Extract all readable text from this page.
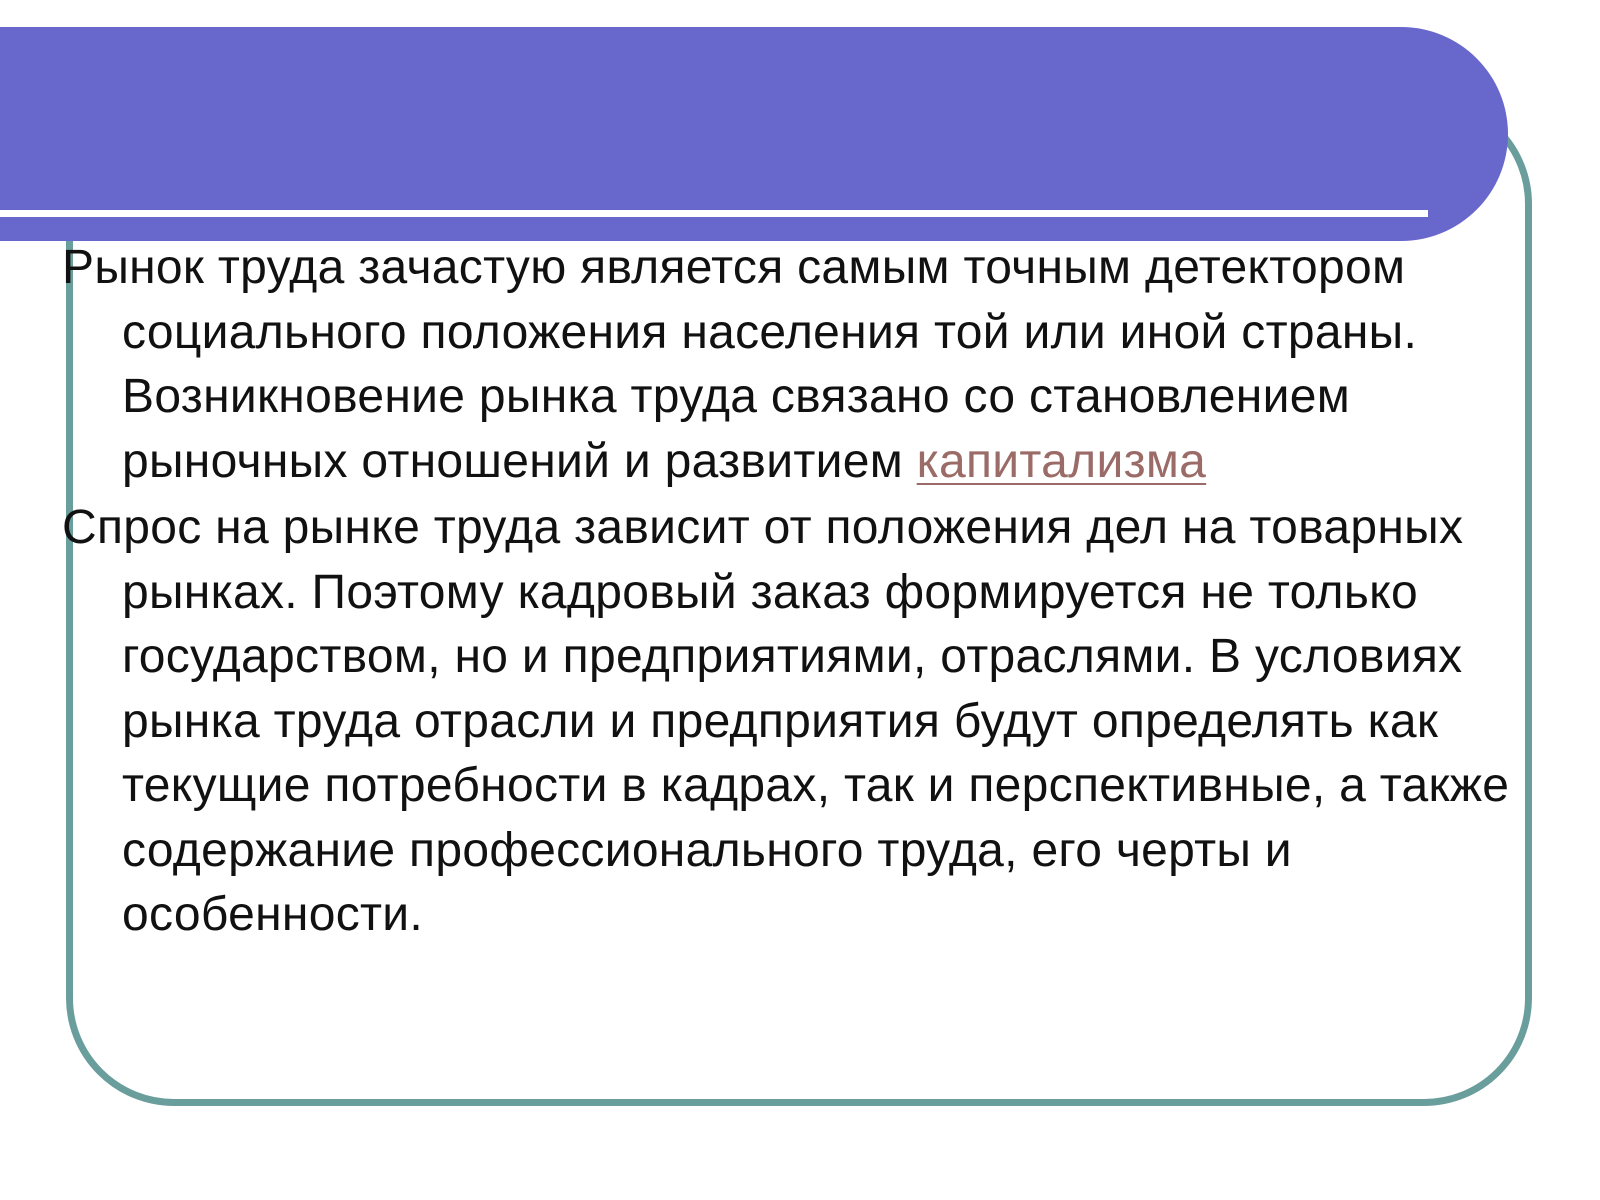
Рынок труда зачастую является самым точным детектором социального положения населения той или иной страны. Возникновение рынка труда связано со становлением рыночных отношений и развитием капитализма

Спрос на рынке труда зависит от положения дел на товарных рынках. Поэтому кадровый заказ формируется не только государством, но и предприятиями, отраслями. В условиях рынка труда отрасли и предприятия будут определять как текущие потребности в кадрах, так и перспективные, а также содержание профессионального труда, его черты и особенности.
